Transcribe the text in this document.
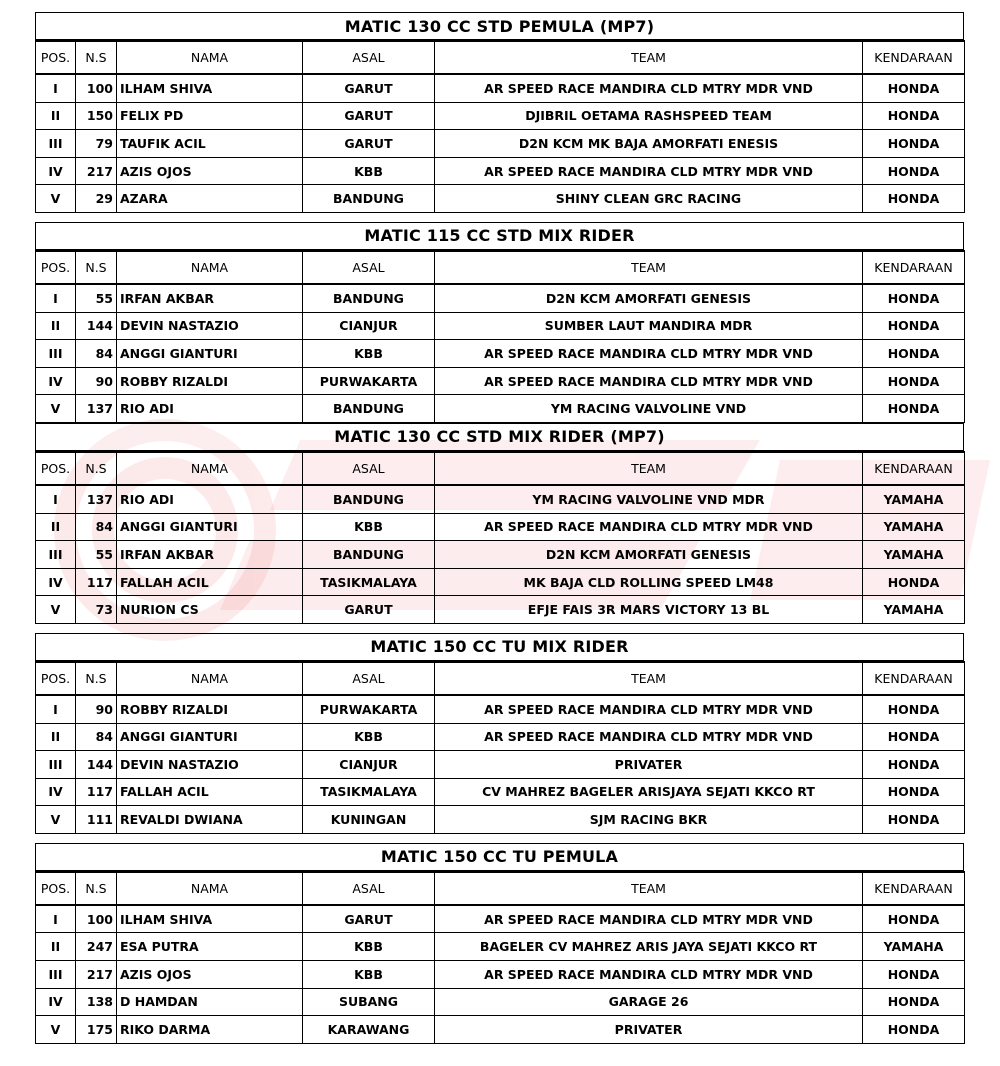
MATIC 130 CC STD PEMULA (MP7)
POS.	N.S	NAMA	ASAL	TEAM	KENDARAAN
I	100	ILHAM SHIVA	GARUT	AR SPEED RACE MANDIRA CLD MTRY MDR VND	HONDA
II	150	FELIX PD	GARUT	DJIBRIL OETAMA RASHSPEED TEAM	HONDA
III	79	TAUFIK ACIL	GARUT	D2N KCM MK BAJA AMORFATI ENESIS	HONDA
IV	217	AZIS OJOS	KBB	AR SPEED RACE MANDIRA CLD MTRY MDR VND	HONDA
V	29	AZARA	BANDUNG	SHINY CLEAN GRC RACING	HONDA
MATIC 115 CC STD MIX RIDER
POS.	N.S	NAMA	ASAL	TEAM	KENDARAAN
I	55	IRFAN AKBAR	BANDUNG	D2N KCM AMORFATI GENESIS	HONDA
II	144	DEVIN NASTAZIO	CIANJUR	SUMBER LAUT MANDIRA MDR	HONDA
III	84	ANGGI GIANTURI	KBB	AR SPEED RACE MANDIRA CLD MTRY MDR VND	HONDA
IV	90	ROBBY RIZALDI	PURWAKARTA	AR SPEED RACE MANDIRA CLD MTRY MDR VND	HONDA
V	137	RIO ADI	BANDUNG	YM RACING VALVOLINE VND	HONDA
MATIC 130 CC STD MIX RIDER (MP7)
POS.	N.S	NAMA	ASAL	TEAM	KENDARAAN
I	137	RIO ADI	BANDUNG	YM RACING VALVOLINE VND MDR	YAMAHA
II	84	ANGGI GIANTURI	KBB	AR SPEED RACE MANDIRA CLD MTRY MDR VND	YAMAHA
III	55	IRFAN AKBAR	BANDUNG	D2N KCM AMORFATI GENESIS	YAMAHA
IV	117	FALLAH ACIL	TASIKMALAYA	MK BAJA CLD ROLLING SPEED LM48	HONDA
V	73	NURION CS	GARUT	EFJE FAIS 3R MARS VICTORY 13 BL	YAMAHA
MATIC 150 CC TU MIX RIDER
POS.	N.S	NAMA	ASAL	TEAM	KENDARAAN
I	90	ROBBY RIZALDI	PURWAKARTA	AR SPEED RACE MANDIRA CLD MTRY MDR VND	HONDA
II	84	ANGGI GIANTURI	KBB	AR SPEED RACE MANDIRA CLD MTRY MDR VND	HONDA
III	144	DEVIN NASTAZIO	CIANJUR	PRIVATER	HONDA
IV	117	FALLAH ACIL	TASIKMALAYA	CV MAHREZ BAGELER ARISJAYA SEJATI KKCO RT	HONDA
V	111	REVALDI DWIANA	KUNINGAN	SJM RACING BKR	HONDA
MATIC 150 CC TU PEMULA
POS.	N.S	NAMA	ASAL	TEAM	KENDARAAN
I	100	ILHAM SHIVA	GARUT	AR SPEED RACE MANDIRA CLD MTRY MDR VND	HONDA
II	247	ESA PUTRA	KBB	BAGELER CV MAHREZ ARIS JAYA SEJATI KKCO RT	YAMAHA
III	217	AZIS OJOS	KBB	AR SPEED RACE MANDIRA CLD MTRY MDR VND	HONDA
IV	138	D HAMDAN	SUBANG	GARAGE 26	HONDA
V	175	RIKO DARMA	KARAWANG	PRIVATER	HONDA
